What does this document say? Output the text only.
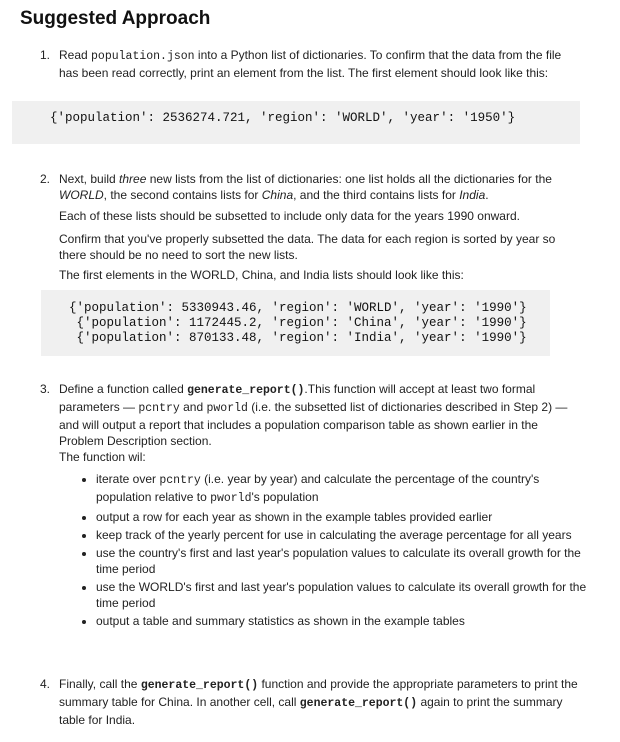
Suggested Approach
1. Read population.json into a Python list of dictionaries. To confirm that the data from the file has been read correctly, print an element from the list. The first element should look like this:
{'population': 2536274.721, 'region': 'WORLD', 'year': '1950'}
2. Next, build three new lists from the list of dictionaries: one list holds all the dictionaries for the WORLD, the second contains lists for China, and the third contains lists for India.
Each of these lists should be subsetted to include only data for the years 1990 onward.
Confirm that you've properly subsetted the data. The data for each region is sorted by year so there should be no need to sort the new lists.
The first elements in the WORLD, China, and India lists should look like this:
{'population': 5330943.46, 'region': 'WORLD', 'year': '1990'}
{'population': 1172445.2, 'region': 'China', 'year': '1990'}
{'population': 870133.48, 'region': 'India', 'year': '1990'}
3. Define a function called generate_report().This function will accept at least two formal parameters — pcntry and pworld (i.e. the subsetted list of dictionaries described in Step 2) — and will output a report that includes a population comparison table as shown earlier in the Problem Description section.
The function wil:
• iterate over pcntry (i.e. year by year) and calculate the percentage of the country's population relative to pworld's population
• output a row for each year as shown in the example tables provided earlier
• keep track of the yearly percent for use in calculating the average percentage for all years
• use the country's first and last year's population values to calculate its overall growth for the time period
• use the WORLD's first and last year's population values to calculate its overall growth for the time period
• output a table and summary statistics as shown in the example tables
4. Finally, call the generate_report() function and provide the appropriate parameters to print the summary table for China. In another cell, call generate_report() again to print the summary table for India.
